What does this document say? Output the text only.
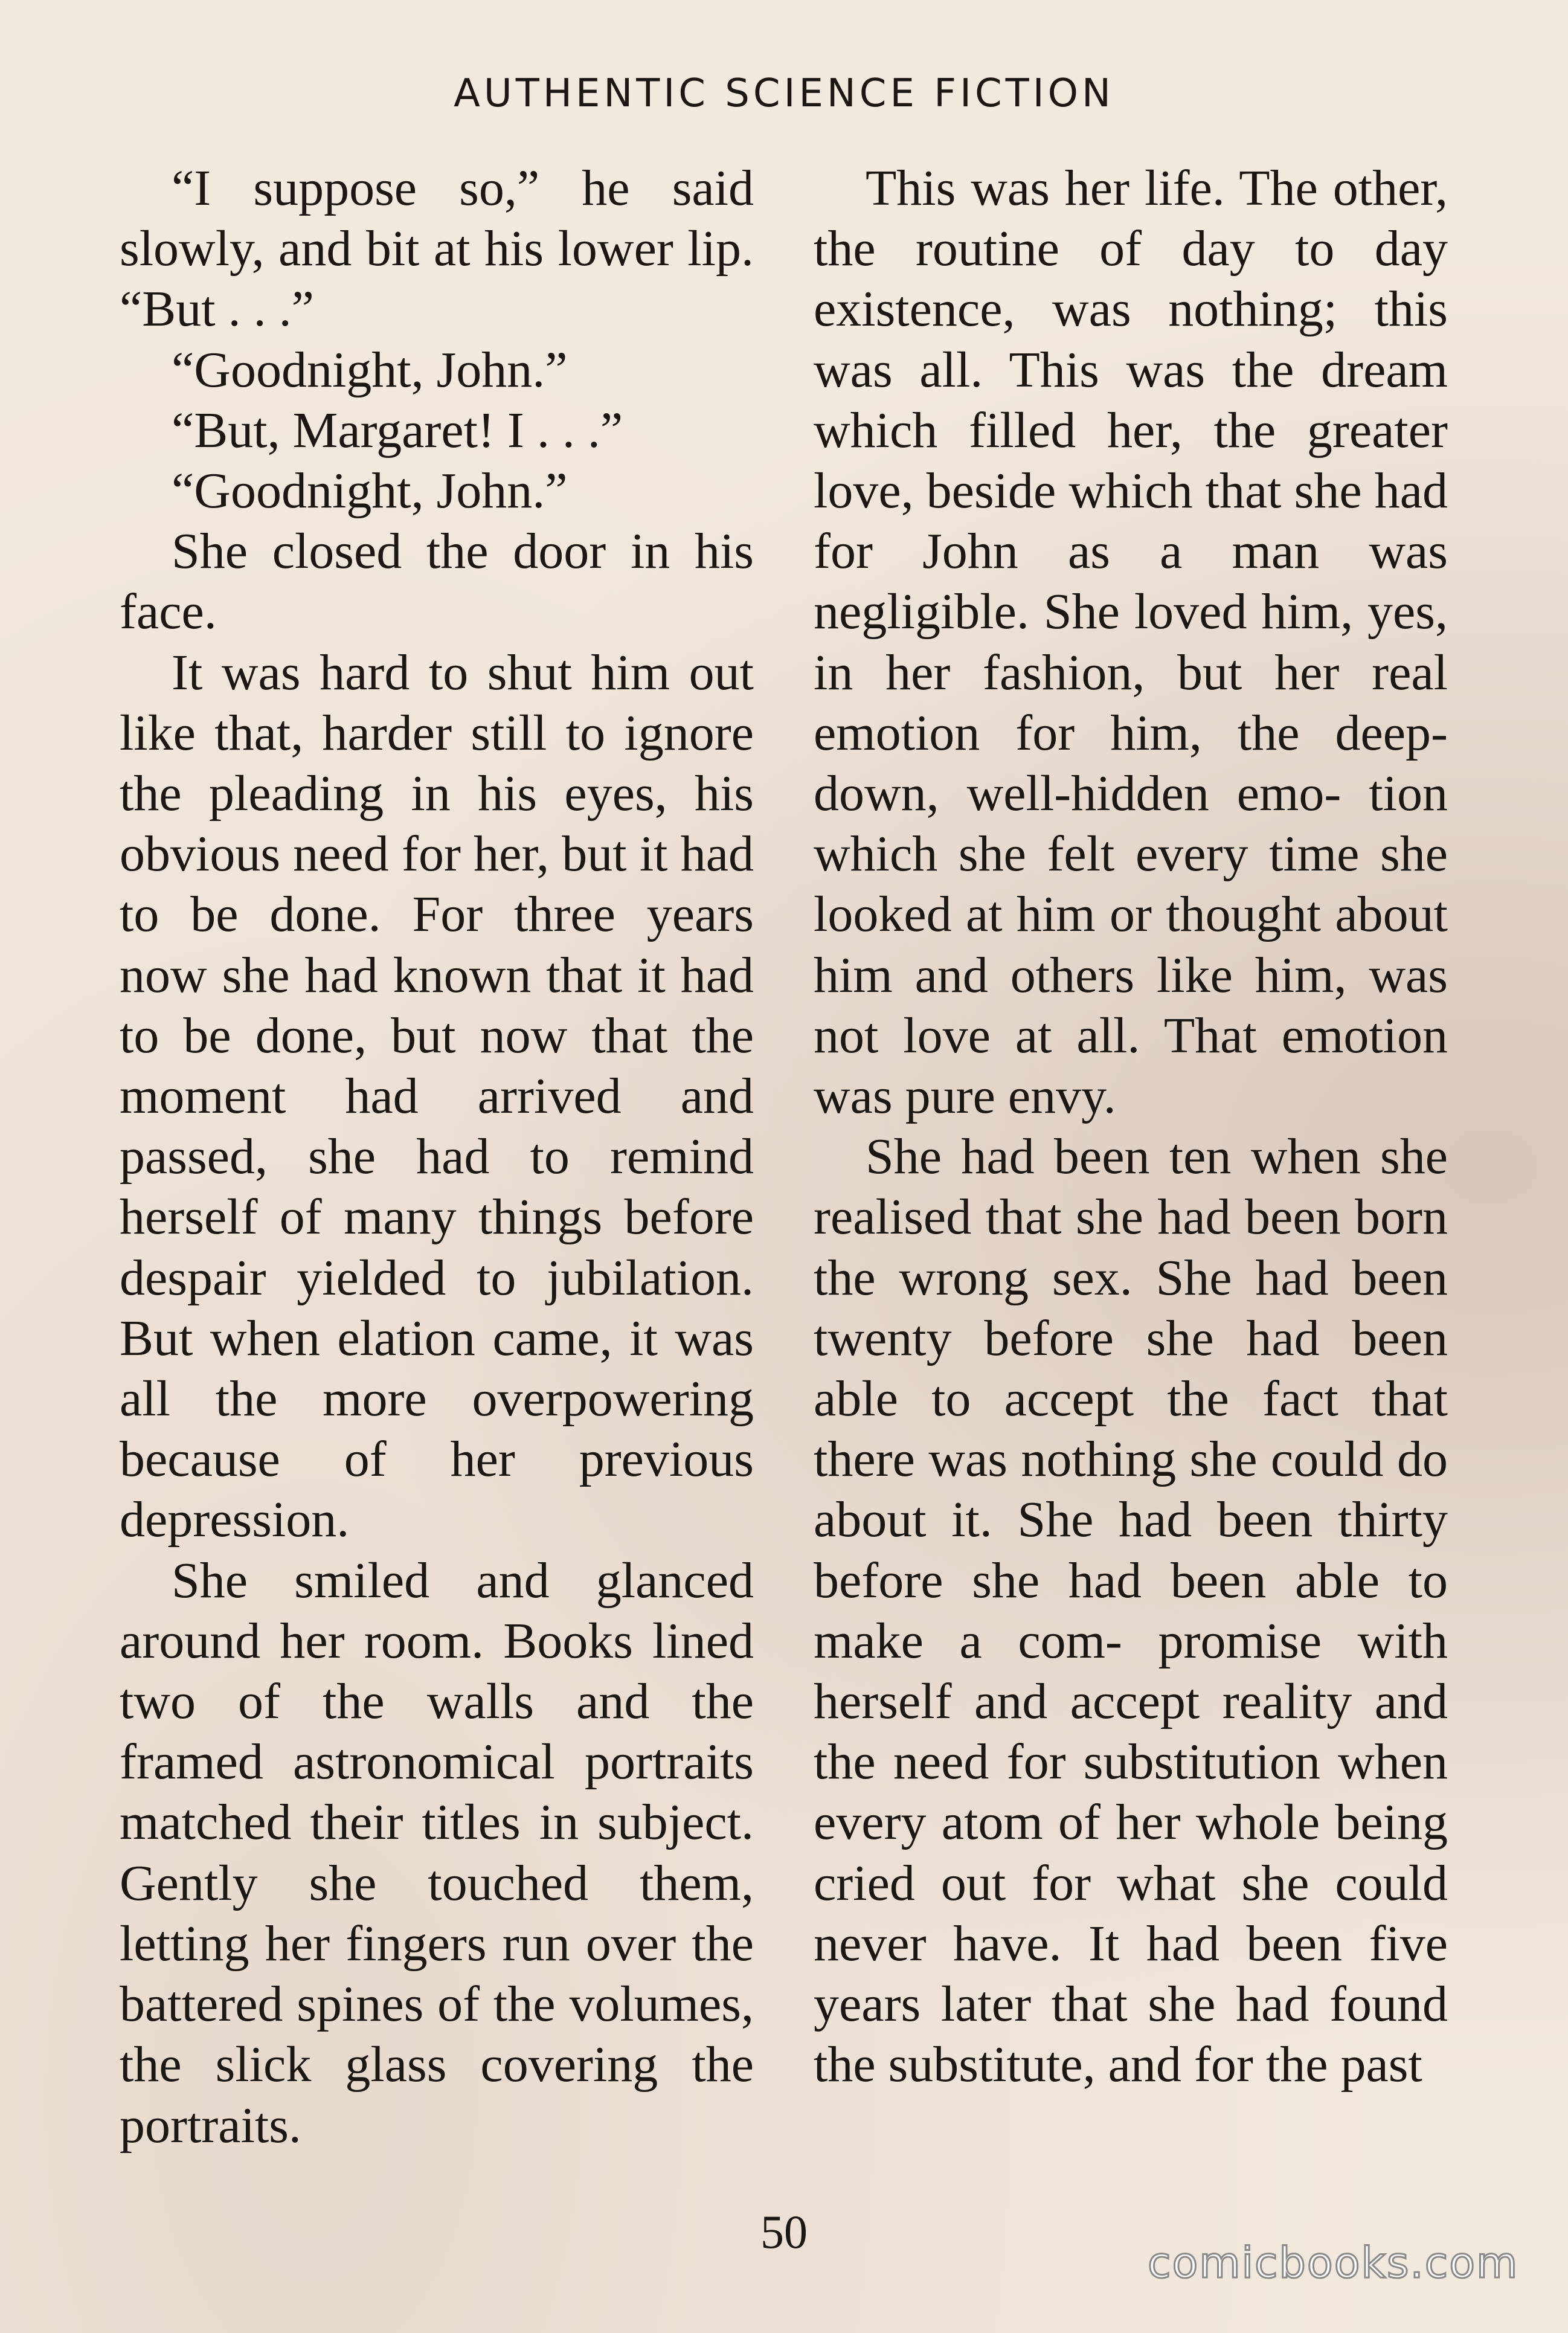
AUTHENTIC SCIENCE FICTION

“I suppose so,” he said slowly, and bit at his lower lip. “But . . .”

“Goodnight, John.”

“But, Margaret! I . . .”

“Goodnight, John.”

She closed the door in his face.

It was hard to shut him out like that, harder still to ignore the pleading in his eyes, his obvious need for her, but it had to be done. For three years now she had known that it had to be done, but now that the moment had arrived and passed, she had to remind herself of many things before despair yielded to jubilation. But when elation came, it was all the more overpowering because of her previous depression.

She smiled and glanced around her room. Books lined two of the walls and the framed astronomical portraits matched their titles in subject. Gently she touched them, letting her fingers run over the battered spines of the volumes, the slick glass covering the portraits.

This was her life. The other, the routine of day to day existence, was nothing; this was all. This was the dream which filled her, the greater love, beside which that she had for John as a man was negligible. She loved him, yes, in her fashion, but her real emotion for him, the deep-down, well-hidden emo- tion which she felt every time she looked at him or thought about him and others like him, was not love at all. That emotion was pure envy.

She had been ten when she realised that she had been born the wrong sex. She had been twenty before she had been able to accept the fact that there was nothing she could do about it. She had been thirty before she had been able to make a com- promise with herself and accept reality and the need for substitution when every atom of her whole being cried out for what she could never have. It had been five years later that she had found the substitute, and for the past

50
comicbooks.com
